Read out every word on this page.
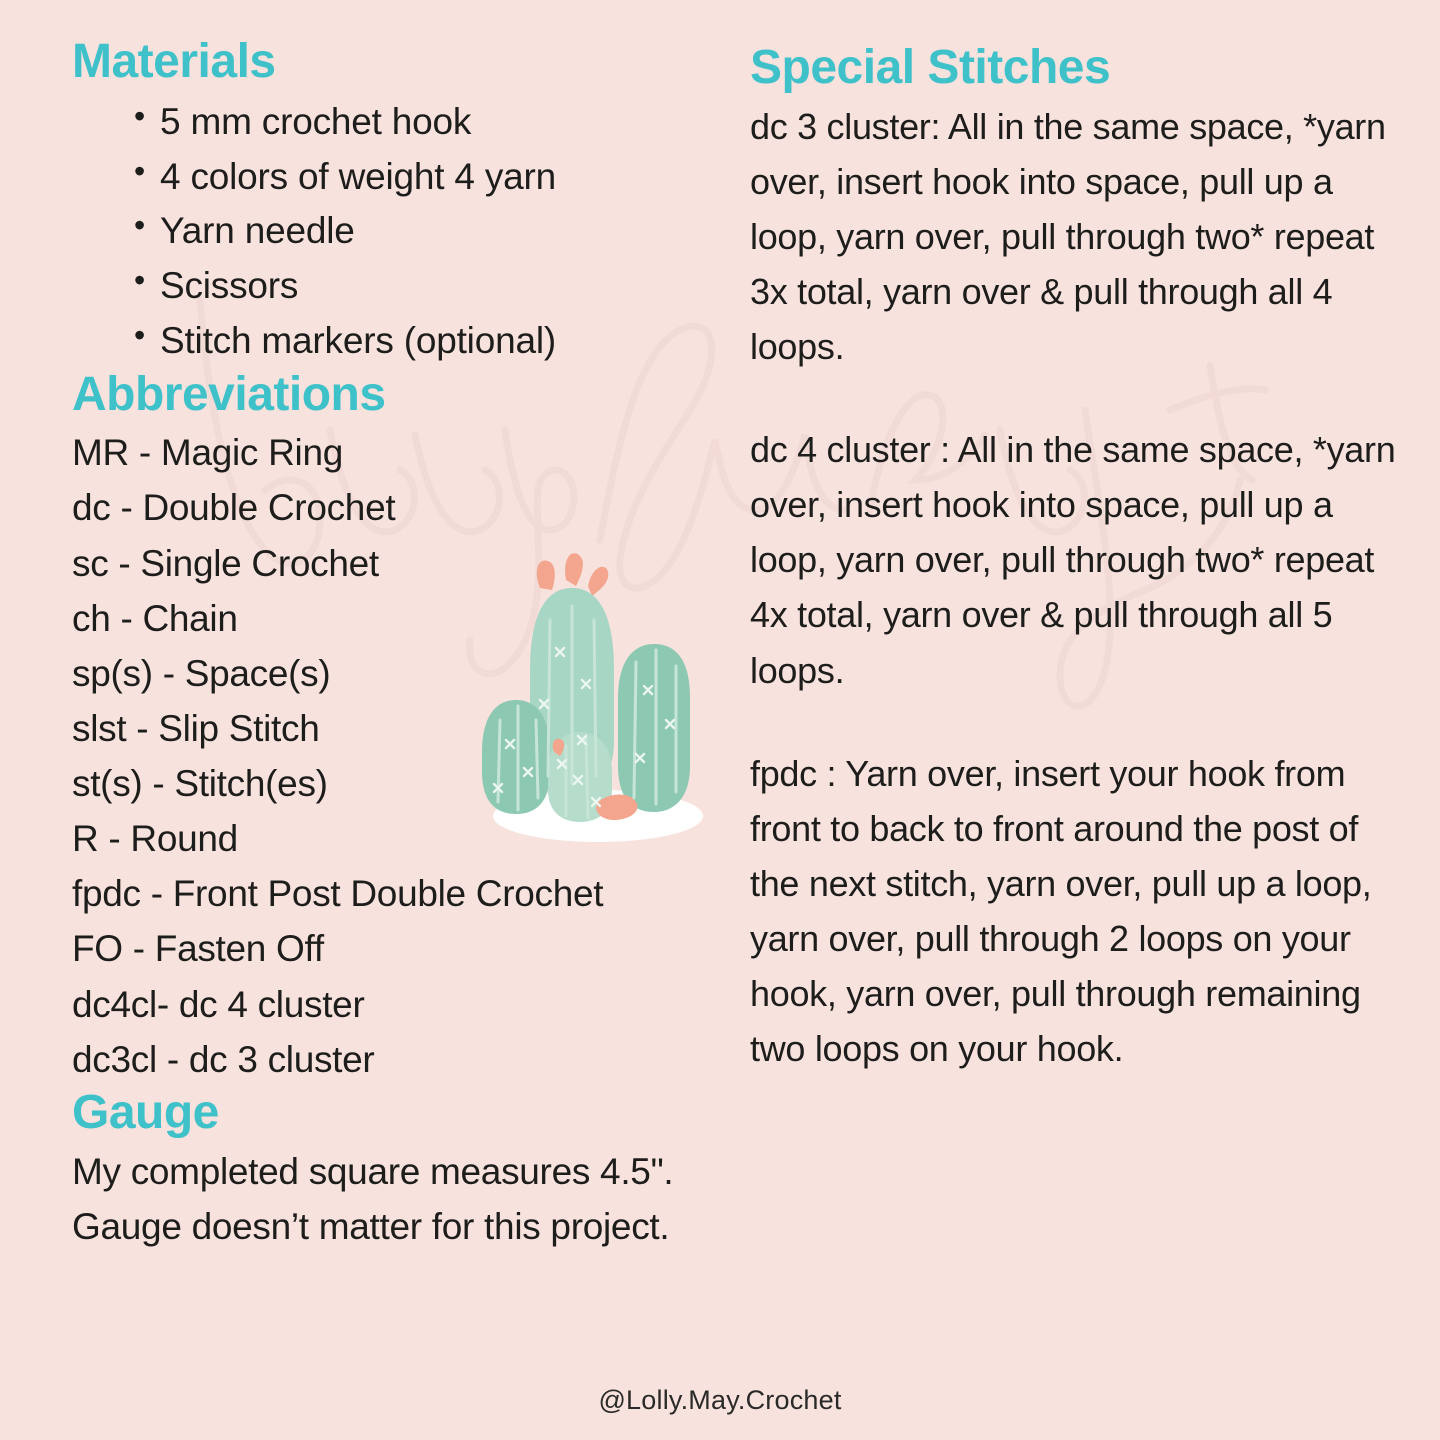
Materials
• 5 mm crochet hook
• 4 colors of weight 4 yarn
• Yarn needle
• Scissors
• Stitch markers (optional)
Abbreviations
MR - Magic Ring
dc - Double Crochet
sc - Single Crochet
ch - Chain
sp(s) - Space(s)
slst - Slip Stitch
st(s) - Stitch(es)
R - Round
fpdc - Front Post Double Crochet
FO - Fasten Off
dc4cl- dc 4 cluster
dc3cl - dc 3 cluster
Gauge

My completed square measures 4.5". Gauge doesn’t matter for this project.

Special Stitches

dc 3 cluster: All in the same space, *yarn over, insert hook into space, pull up a loop, yarn over, pull through two* repeat 3x total, yarn over & pull through all 4 loops.

dc 4 cluster : All in the same space, *yarn over, insert hook into space, pull up a loop, yarn over, pull through two* repeat 4x total, yarn over & pull through all 5 loops.

fpdc : Yarn over, insert your hook from front to back to front around the post of the next stitch, yarn over, pull up a loop, yarn over, pull through 2 loops on your hook, yarn over, pull through remaining two loops on your hook.

@Lolly.May.Crochet
